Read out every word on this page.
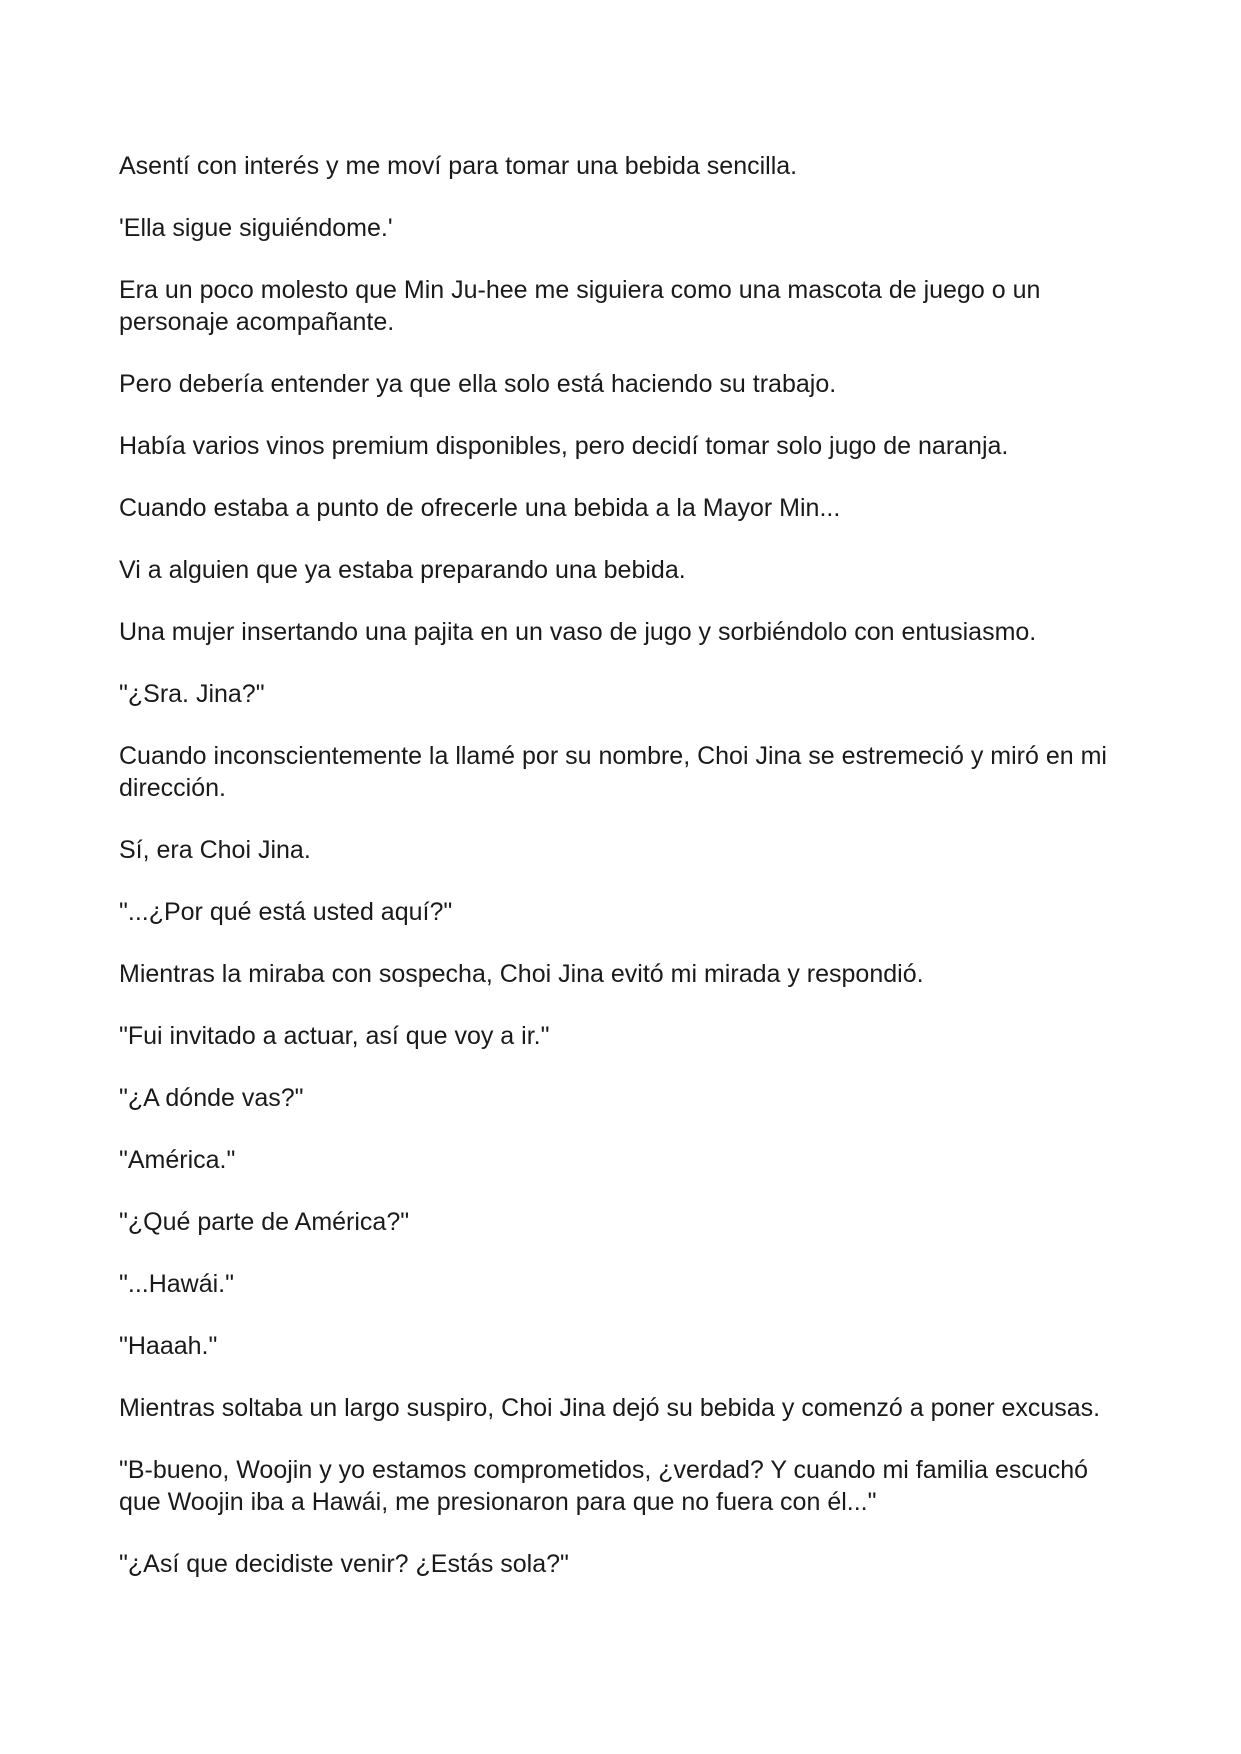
Asentí con interés y me moví para tomar una bebida sencilla.

'Ella sigue siguiéndome.'

Era un poco molesto que Min Ju-hee me siguiera como una mascota de juego o un personaje acompañante.

Pero debería entender ya que ella solo está haciendo su trabajo.

Había varios vinos premium disponibles, pero decidí tomar solo jugo de naranja.

Cuando estaba a punto de ofrecerle una bebida a la Mayor Min...

Vi a alguien que ya estaba preparando una bebida.

Una mujer insertando una pajita en un vaso de jugo y sorbiéndolo con entusiasmo.

"¿Sra. Jina?"

Cuando inconscientemente la llamé por su nombre, Choi Jina se estremeció y miró en mi dirección.

Sí, era Choi Jina.

"...¿Por qué está usted aquí?"

Mientras la miraba con sospecha, Choi Jina evitó mi mirada y respondió.

"Fui invitado a actuar, así que voy a ir."

"¿A dónde vas?"

"América."

"¿Qué parte de América?"

"...Hawái."

"Haaah."

Mientras soltaba un largo suspiro, Choi Jina dejó su bebida y comenzó a poner excusas.

"B-bueno, Woojin y yo estamos comprometidos, ¿verdad? Y cuando mi familia escuchó que Woojin iba a Hawái, me presionaron para que no fuera con él..."

"¿Así que decidiste venir? ¿Estás sola?"
